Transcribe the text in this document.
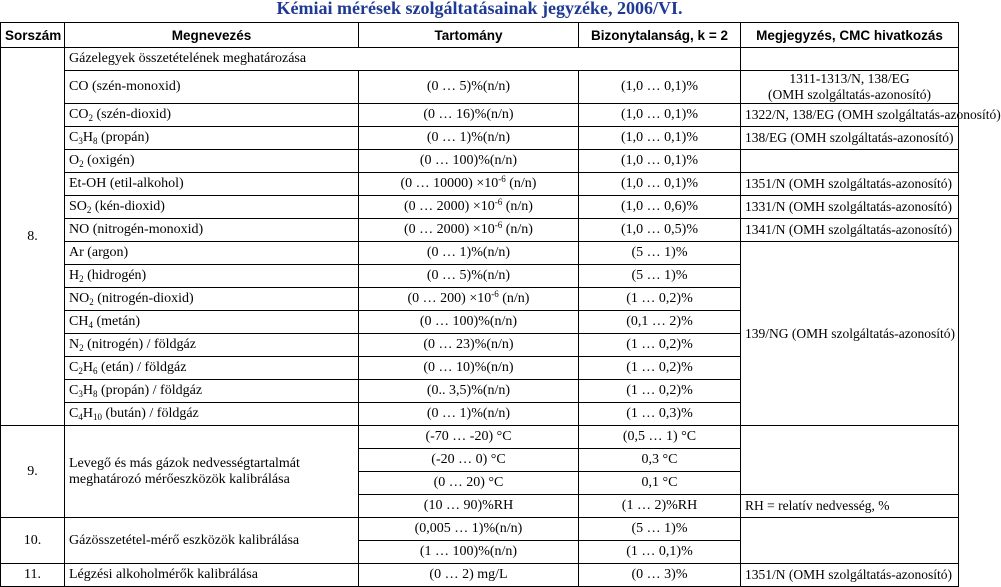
Kémiai mérések szolgáltatásainak jegyzéke, 2006/VI.
Sorszám	Megnevezés	Tartomány	Bizonytalanság, k = 2	Megjegyzés, CMC hivatkozás
8.	Gázelegyek összetételének meghatározása			
	CO (szén-monoxid)	(0 … 5)%(n/n)	(1,0 … 0,1)%	1311-1313/N, 138/EG
(OMH szolgáltatás-azonosító)
	$CO_2$ (szén-dioxid)	(0 … 16)%(n/n)	(1,0 … 0,1)%	1322/N, 138/EG (OMH szolgáltatás-azonosító)
	$C_3H_8$ (propán)	(0 … 1)%(n/n)	(1,0 … 0,1)%	138/EG (OMH szolgáltatás-azonosító)
	$O_2$ (oxigén)	(0 … 100)%(n/n)	(1,0 … 0,1)%	
	Et-OH (etil-alkohol)	(0 … $10000) \times 10^{-6}$ (n/n)	(1,0 … 0,1)%	1351/N (OMH szolgáltatás-azonosító)
	$SO_2$ (kén-dioxid)	(0 … $2000) \times 10^{-6}$ (n/n)	(1,0 … 0,6)%	1331/N (OMH szolgáltatás-azonosító)
	NO (nitrogén-monoxid)	(0 … $2000) \times 10^{-6}$ (n/n)	(1,0 … 0,5)%	1341/N (OMH szolgáltatás-azonosító)
	Ar (argon)	(0 … 1)%(n/n)	(5 … 1)%	139/NG (OMH szolgáltatás-azonosító)
	$H_2$ (hidrogén)	(0 … 5)%(n/n)	(5 … 1)%	
	$NO_2$ (nitrogén-dioxid)	(0 … $200) \times 10^{-6}$ (n/n)	(1 … 0,2)%	
	$CH_4$ (metán)	(0 … 100)%(n/n)	(0,1 … 2)%	
	$N_2$ (nitrogén) / földgáz	(0 … 23)%(n/n)	(1 … 0,2)%	
	$C_2H_6$ (etán) / földgáz	(0 … 10)%(n/n)	(1 … 0,2)%	
	$C_3H_8$ (propán) / földgáz	(0.. 3,5)%(n/n)	(1 … 0,2)%	
	$C_4H_{10}$ (bután) / földgáz	(0 … 1)%(n/n)	(1 … 0,3)%	
9.	Levegő és más gázok nedvességtartalmát
meghatározó mérőeszközök kalibrálása	(-70 … -20) °C	(0,5 … 1) °C	
		(-20 … 0) °C	0,3 °C	
		(0 … 20) °C	0,1 °C	
		(10 … 90)%RH	(1 … 2)%RH	RH = relatív nedvesség, %
10.	Gázösszetétel-mérő eszközök kalibrálása	(0,005 … 1)%(n/n)	(5 … 1)%	
		(1 … 100)%(n/n)	(1 … 0,1)%	
11.	Légzési alkoholmérők kalibrálása	(0 … 2) mg/L	(0 … 3)%	1351/N (OMH szolgáltatás-azonosító)
